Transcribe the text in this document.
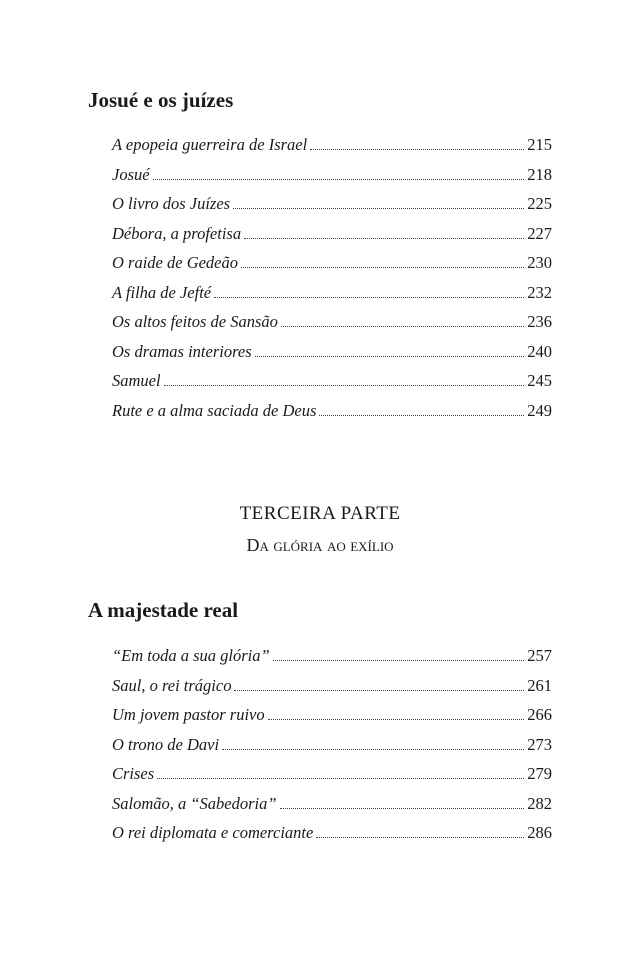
Josué e os juízes
A epopeia guerreira de Israel	215
Josué	218
O livro dos Juízes	225
Débora, a profetisa	227
O raide de Gedeão	230
A filha de Jefté	232
Os altos feitos de Sansão	236
Os dramas interiores	240
Samuel	245
Rute e a alma saciada de Deus	249
TERCEIRA PARTE
Da glória ao exílio
A majestade real
“Em toda a sua glória”	257
Saul, o rei trágico	261
Um jovem pastor ruivo	266
O trono de Davi	273
Crises	279
Salomão, a “Sabedoria”	282
O rei diplomata e comerciante	286
